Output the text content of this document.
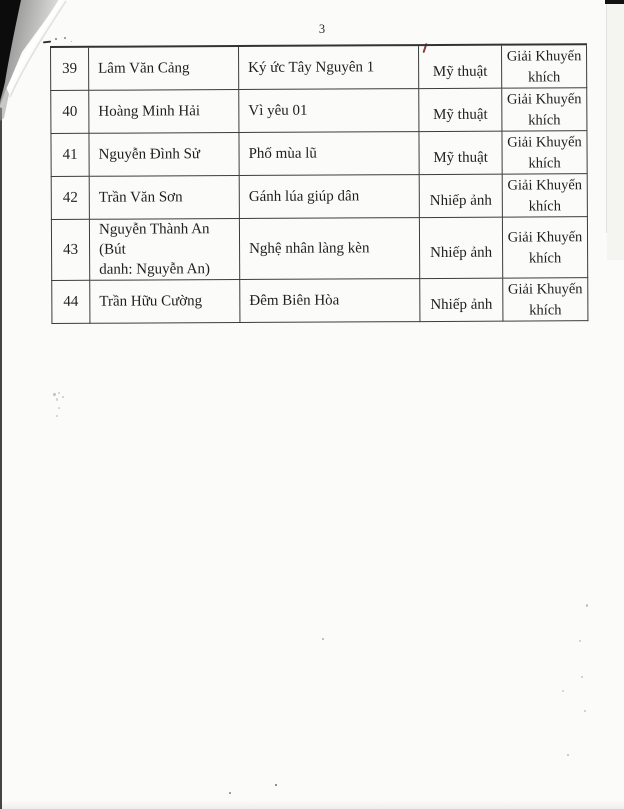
3
39	Lâm Văn Cảng	Ký ức Tây Nguyên 1	Mỹ thuật	Giải Khuyến
khích
40	Hoàng Minh Hải	Vì yêu 01	Mỹ thuật	Giải Khuyến
khích
41	Nguyễn Đình Sử	Phố mùa lũ	Mỹ thuật	Giải Khuyến
khích
42	Trần Văn Sơn	Gánh lúa giúp dân	Nhiếp ảnh	Giải Khuyến
khích
43	Nguyễn Thành An (Bút
danh: Nguyễn An)	Nghệ nhân làng kèn	Nhiếp ảnh	Giải Khuyến
khích
44	Trần Hữu Cường	Đêm Biên Hòa	Nhiếp ảnh	Giải Khuyến
khích
